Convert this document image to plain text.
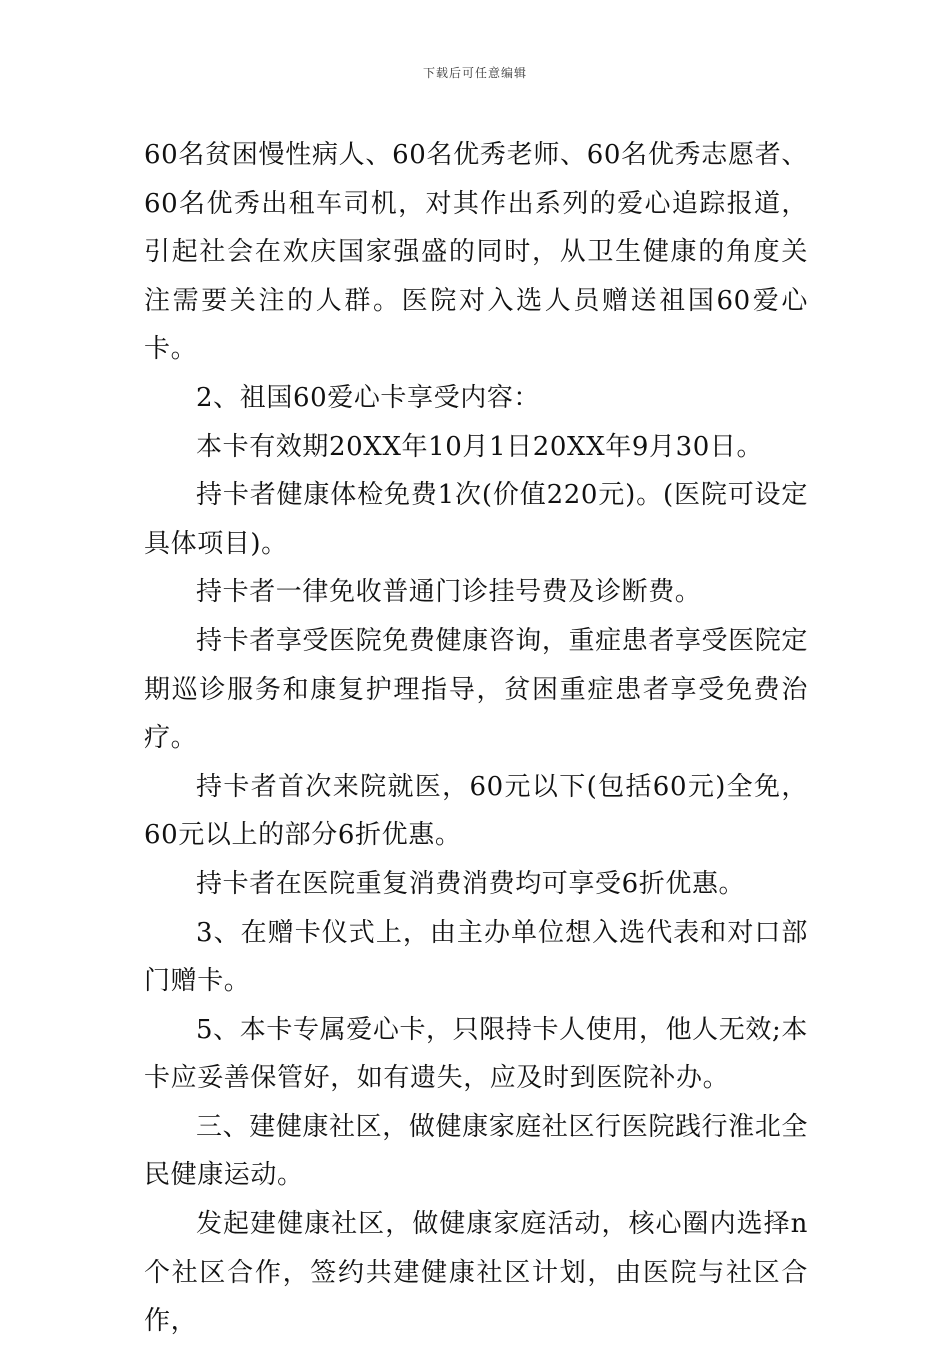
下载后可任意编辑

60名贫困慢性病人、60名优秀老师、60名优秀志愿者、60名优秀出租车司机，对其作出系列的爱心追踪报道，引起社会在欢庆国家强盛的同时，从卫生健康的角度关注需要关注的人群。医院对入选人员赠送祖国60爱心卡。

2、祖国60爱心卡享受内容：

本卡有效期20XX年10月1日20XX年9月30日。

持卡者健康体检免费1次(价值220元)。(医院可设定具体项目)。

持卡者一律免收普通门诊挂号费及诊断费。

持卡者享受医院免费健康咨询，重症患者享受医院定期巡诊服务和康复护理指导，贫困重症患者享受免费治疗。

持卡者首次来院就医，60元以下(包括60元)全免，60元以上的部分6折优惠。

持卡者在医院重复消费消费均可享受6折优惠。

3、在赠卡仪式上，由主办单位想入选代表和对口部门赠卡。

5、本卡专属爱心卡，只限持卡人使用，他人无效;本卡应妥善保管好，如有遗失，应及时到医院补办。

三、建健康社区，做健康家庭社区行医院践行淮北全民健康运动。

发起建健康社区，做健康家庭活动，核心圈内选择n个社区合作，签约共建健康社区计划，由医院与社区合作，
